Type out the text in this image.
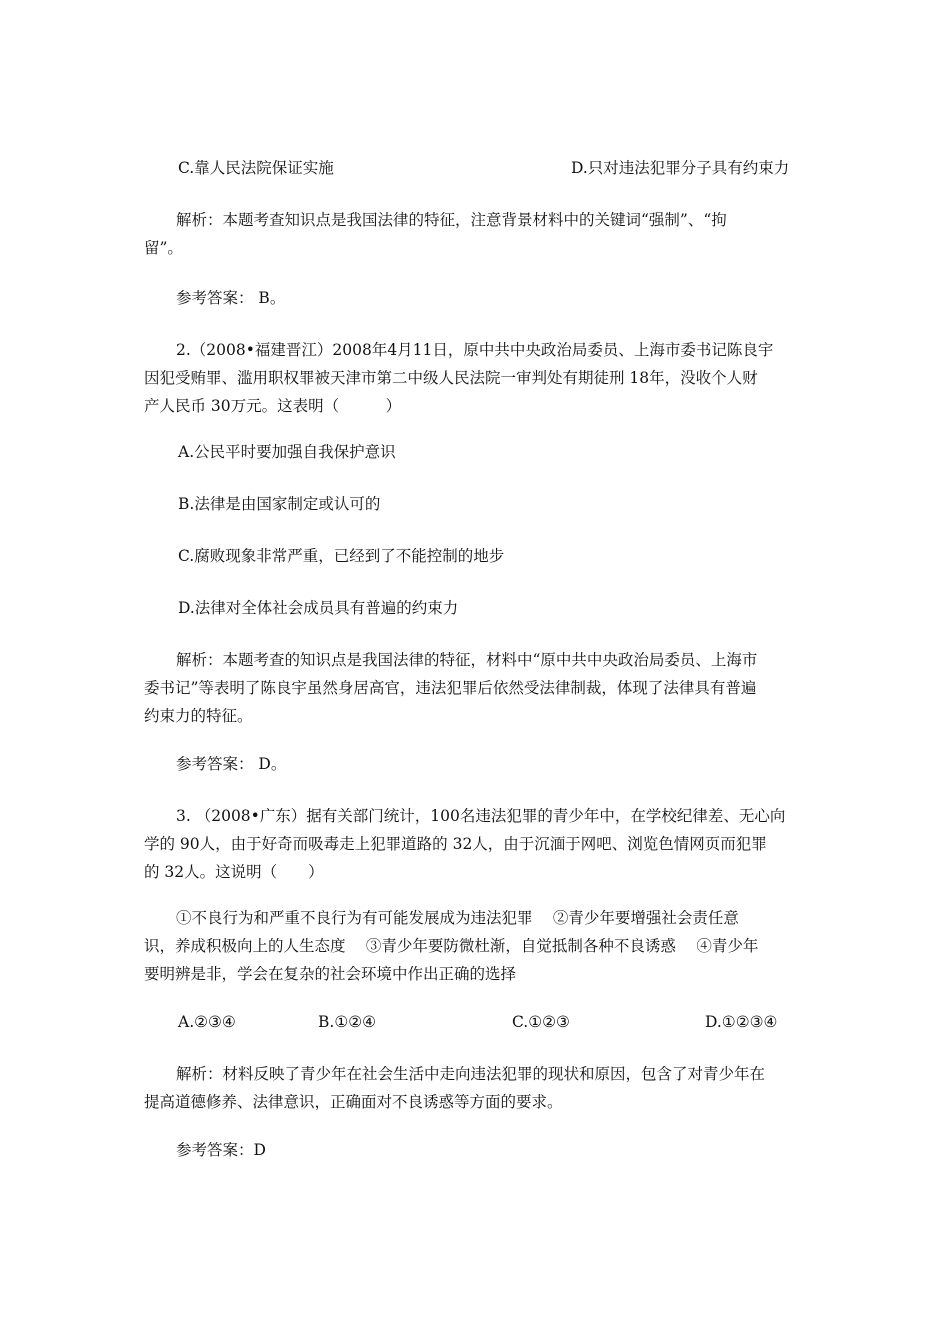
C.靠人民法院保证实施	D.只对违法犯罪分子具有约束力
解析：本题考查知识点是我国法律的特征，注意背景材料中的关键词“强制”、“拘
留”。
参考答案： B。
2.（2008•福建晋江）2008年4月11日，原中共中央政治局委员、上海市委书记陈良宇
因犯受贿罪、滥用职权罪被天津市第二中级人民法院一审判处有期徒刑 18年，没收个人财
产人民币 30万元。这表明（　　　）
A.公民平时要加强自我保护意识
B.法律是由国家制定或认可的
C.腐败现象非常严重，已经到了不能控制的地步
D.法律对全体社会成员具有普遍的约束力
解析：本题考查的知识点是我国法律的特征，材料中“原中共中央政治局委员、上海市
委书记”等表明了陈良宇虽然身居高官，违法犯罪后依然受法律制裁，体现了法律具有普遍
约束力的特征。
参考答案： D。
3. （2008•广东）据有关部门统计，100名违法犯罪的青少年中，在学校纪律差、无心向
学的 90人，由于好奇而吸毒走上犯罪道路的 32人，由于沉湎于网吧、浏览色情网页而犯罪
的 32人。这说明（　　）
①不良行为和严重不良行为有可能发展成为违法犯罪　 ②青少年要增强社会责任意
识，养成积极向上的人生态度　 ③青少年要防微杜渐，自觉抵制各种不良诱惑　 ④青少年
要明辨是非，学会在复杂的社会环境中作出正确的选择
A.②③④	B.①②④	C.①②③	D.①②③④
解析：材料反映了青少年在社会生活中走向违法犯罪的现状和原因，包含了对青少年在
提高道德修养、法律意识，正确面对不良诱惑等方面的要求。
参考答案：D
